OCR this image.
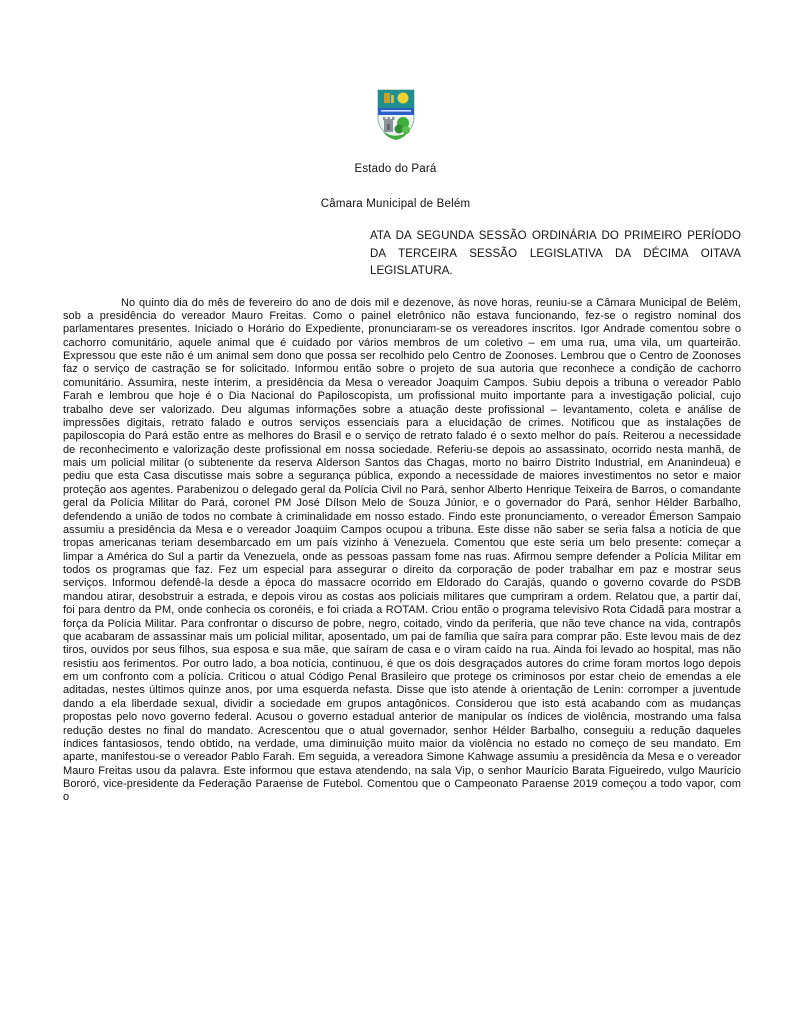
Estado do Pará
Câmara Municipal de Belém
ATA DA SEGUNDA SESSÃO ORDINÁRIA DO PRIMEIRO PERÍODO DA TERCEIRA SESSÃO LEGISLATIVA DA DÉCIMA OITAVA LEGISLATURA.

No quinto dia do mês de fevereiro do ano de dois mil e dezenove, às nove horas, reuniu-se a Câmara Municipal de Belém, sob a presidência do vereador Mauro Freitas. Como o painel eletrônico não estava funcionando, fez-se o registro nominal dos parlamentares presentes. Iniciado o Horário do Expediente, pronunciaram-se os vereadores inscritos. Igor Andrade comentou sobre o cachorro comunitário, aquele animal que é cuidado por vários membros de um coletivo – em uma rua, uma vila, um quarteirão. Expressou que este não é um animal sem dono que possa ser recolhido pelo Centro de Zoonoses. Lembrou que o Centro de Zoonoses faz o serviço de castração se for solicitado. Informou então sobre o projeto de sua autoria que reconhece a condição de cachorro comunitário. Assumira, neste ínterim, a presidência da Mesa o vereador Joaquim Campos. Subiu depois a tribuna o vereador Pablo Farah e lembrou que hoje é o Dia Nacional do Papiloscopista, um profissional muito importante para a investigação policial, cujo trabalho deve ser valorizado. Deu algumas informações sobre a atuação deste profissional – levantamento, coleta e análise de impressões digitais, retrato falado e outros serviços essenciais para a elucidação de crimes. Notificou que as instalações de papiloscopia do Pará estão entre as melhores do Brasil e o serviço de retrato falado é o sexto melhor do país. Reiterou a necessidade de reconhecimento e valorização deste profissional em nossa sociedade. Referiu-se depois ao assassinato, ocorrido nesta manhã, de mais um policial militar (o subtenente da reserva Alderson Santos das Chagas, morto no bairro Distrito Industrial, em Ananindeua) e pediu que esta Casa discutisse mais sobre a segurança pública, expondo a necessidade de maiores investimentos no setor e maior proteção aos agentes. Parabenizou o delegado geral da Polícia Civil no Pará, senhor Alberto Henrique Teixeira de Barros, o comandante geral da Polícia Militar do Pará, coronel PM José Dílson Melo de Souza Júnior, e o governador do Pará, senhor Hélder Barbalho, defendendo a união de todos no combate à criminalidade em nosso estado. Findo este pronunciamento, o vereador Émerson Sampaio assumiu a presidência da Mesa e o vereador Joaquim Campos ocupou a tribuna. Este disse não saber se seria falsa a notícia de que tropas americanas teriam desembarcado em um país vizinho à Venezuela. Comentou que este seria um belo presente: começar a limpar a América do Sul a partir da Venezuela, onde as pessoas passam fome nas ruas. Afirmou sempre defender a Polícia Militar em todos os programas que faz. Fez um especial para assegurar o direito da corporação de poder trabalhar em paz e mostrar seus serviços. Informou defendê-la desde a época do massacre ocorrido em Eldorado do Carajás, quando o governo covarde do PSDB mandou atirar, desobstruir a estrada, e depois virou as costas aos policiais militares que cumpriram a ordem. Relatou que, a partir daí, foi para dentro da PM, onde conhecia os coronéis, e foi criada a ROTAM. Criou então o programa televisivo Rota Cidadã para mostrar a força da Polícia Militar. Para confrontar o discurso de pobre, negro, coitado, vindo da periferia, que não teve chance na vida, contrapôs que acabaram de assassinar mais um policial militar, aposentado, um pai de família que saíra para comprar pão. Este levou mais de dez tiros, ouvidos por seus filhos, sua esposa e sua mãe, que saíram de casa e o viram caído na rua. Ainda foi levado ao hospital, mas não resistiu aos ferimentos. Por outro lado, a boa notícia, continuou, é que os dois desgraçados autores do crime foram mortos logo depois em um confronto com a polícia. Criticou o atual Código Penal Brasileiro que protege os criminosos por estar cheio de emendas a ele aditadas, nestes últimos quinze anos, por uma esquerda nefasta. Disse que isto atende à orientação de Lenin: corromper a juventude dando a ela liberdade sexual, dividir a sociedade em grupos antagônicos. Considerou que isto está acabando com as mudanças propostas pelo novo governo federal. Acusou o governo estadual anterior de manipular os índices de violência, mostrando uma falsa redução destes no final do mandato. Acrescentou que o atual governador, senhor Hélder Barbalho, conseguiu a redução daqueles índices fantasiosos, tendo obtido, na verdade, uma diminuição muito maior da violência no estado no começo de seu mandato. Em aparte, manifestou-se o vereador Pablo Farah. Em seguida, a vereadora Simone Kahwage assumiu a presidência da Mesa e o vereador Mauro Freitas usou da palavra. Este informou que estava atendendo, na sala Vip, o senhor Maurício Barata Figueiredo, vulgo Maurício Bororó, vice-presidente da Federação Paraense de Futebol. Comentou que o Campeonato Paraense 2019 começou a todo vapor, com o
